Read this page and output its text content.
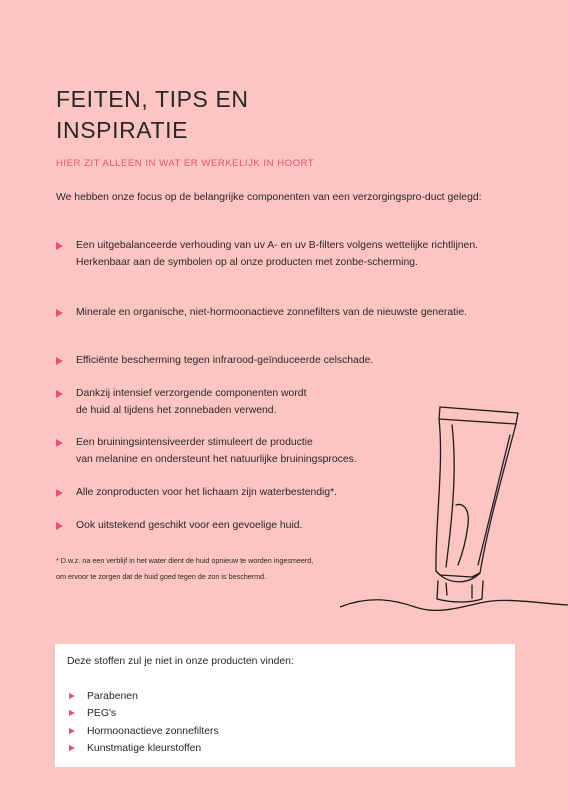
FEITEN, TIPS EN INSPIRATIE

HIER ZIT ALLEEN IN WAT ER WERKELIJK IN HOORT

We hebben onze focus op de belangrijke componenten van een verzorgingspro-duct gelegd:

Een uitgebalanceerde verhouding van uv A- en uv B-filters volgens wettelijke richtlijnen. Herkenbaar aan de symbolen op al onze producten met zonbe-scherming.
Minerale en organische, niet-hormoonactieve zonnefilters van de nieuwste generatie.
Efficiënte bescherming tegen infrarood-geïnduceerde celschade.
Dankzij intensief verzorgende componenten wordt
de huid al tijdens het zonnebaden verwend.
Een bruiningsintensiveerder stimuleert de productie
van melanine en ondersteunt het natuurlijke bruiningsproces.
Alle zonproducten voor het lichaam zijn waterbestendig*.
Ook uitstekend geschikt voor een gevoelige huid.

* D.w.z. na een verblijf in het water dient de huid opnieuw te worden ingesmeerd,
om ervoor te zorgen dat de huid goed tegen de zon is beschermd.

Deze stoffen zul je niet in onze producten vinden:

Parabenen
PEG's
Hormoonactieve zonnefilters
Kunstmatige kleurstoffen
